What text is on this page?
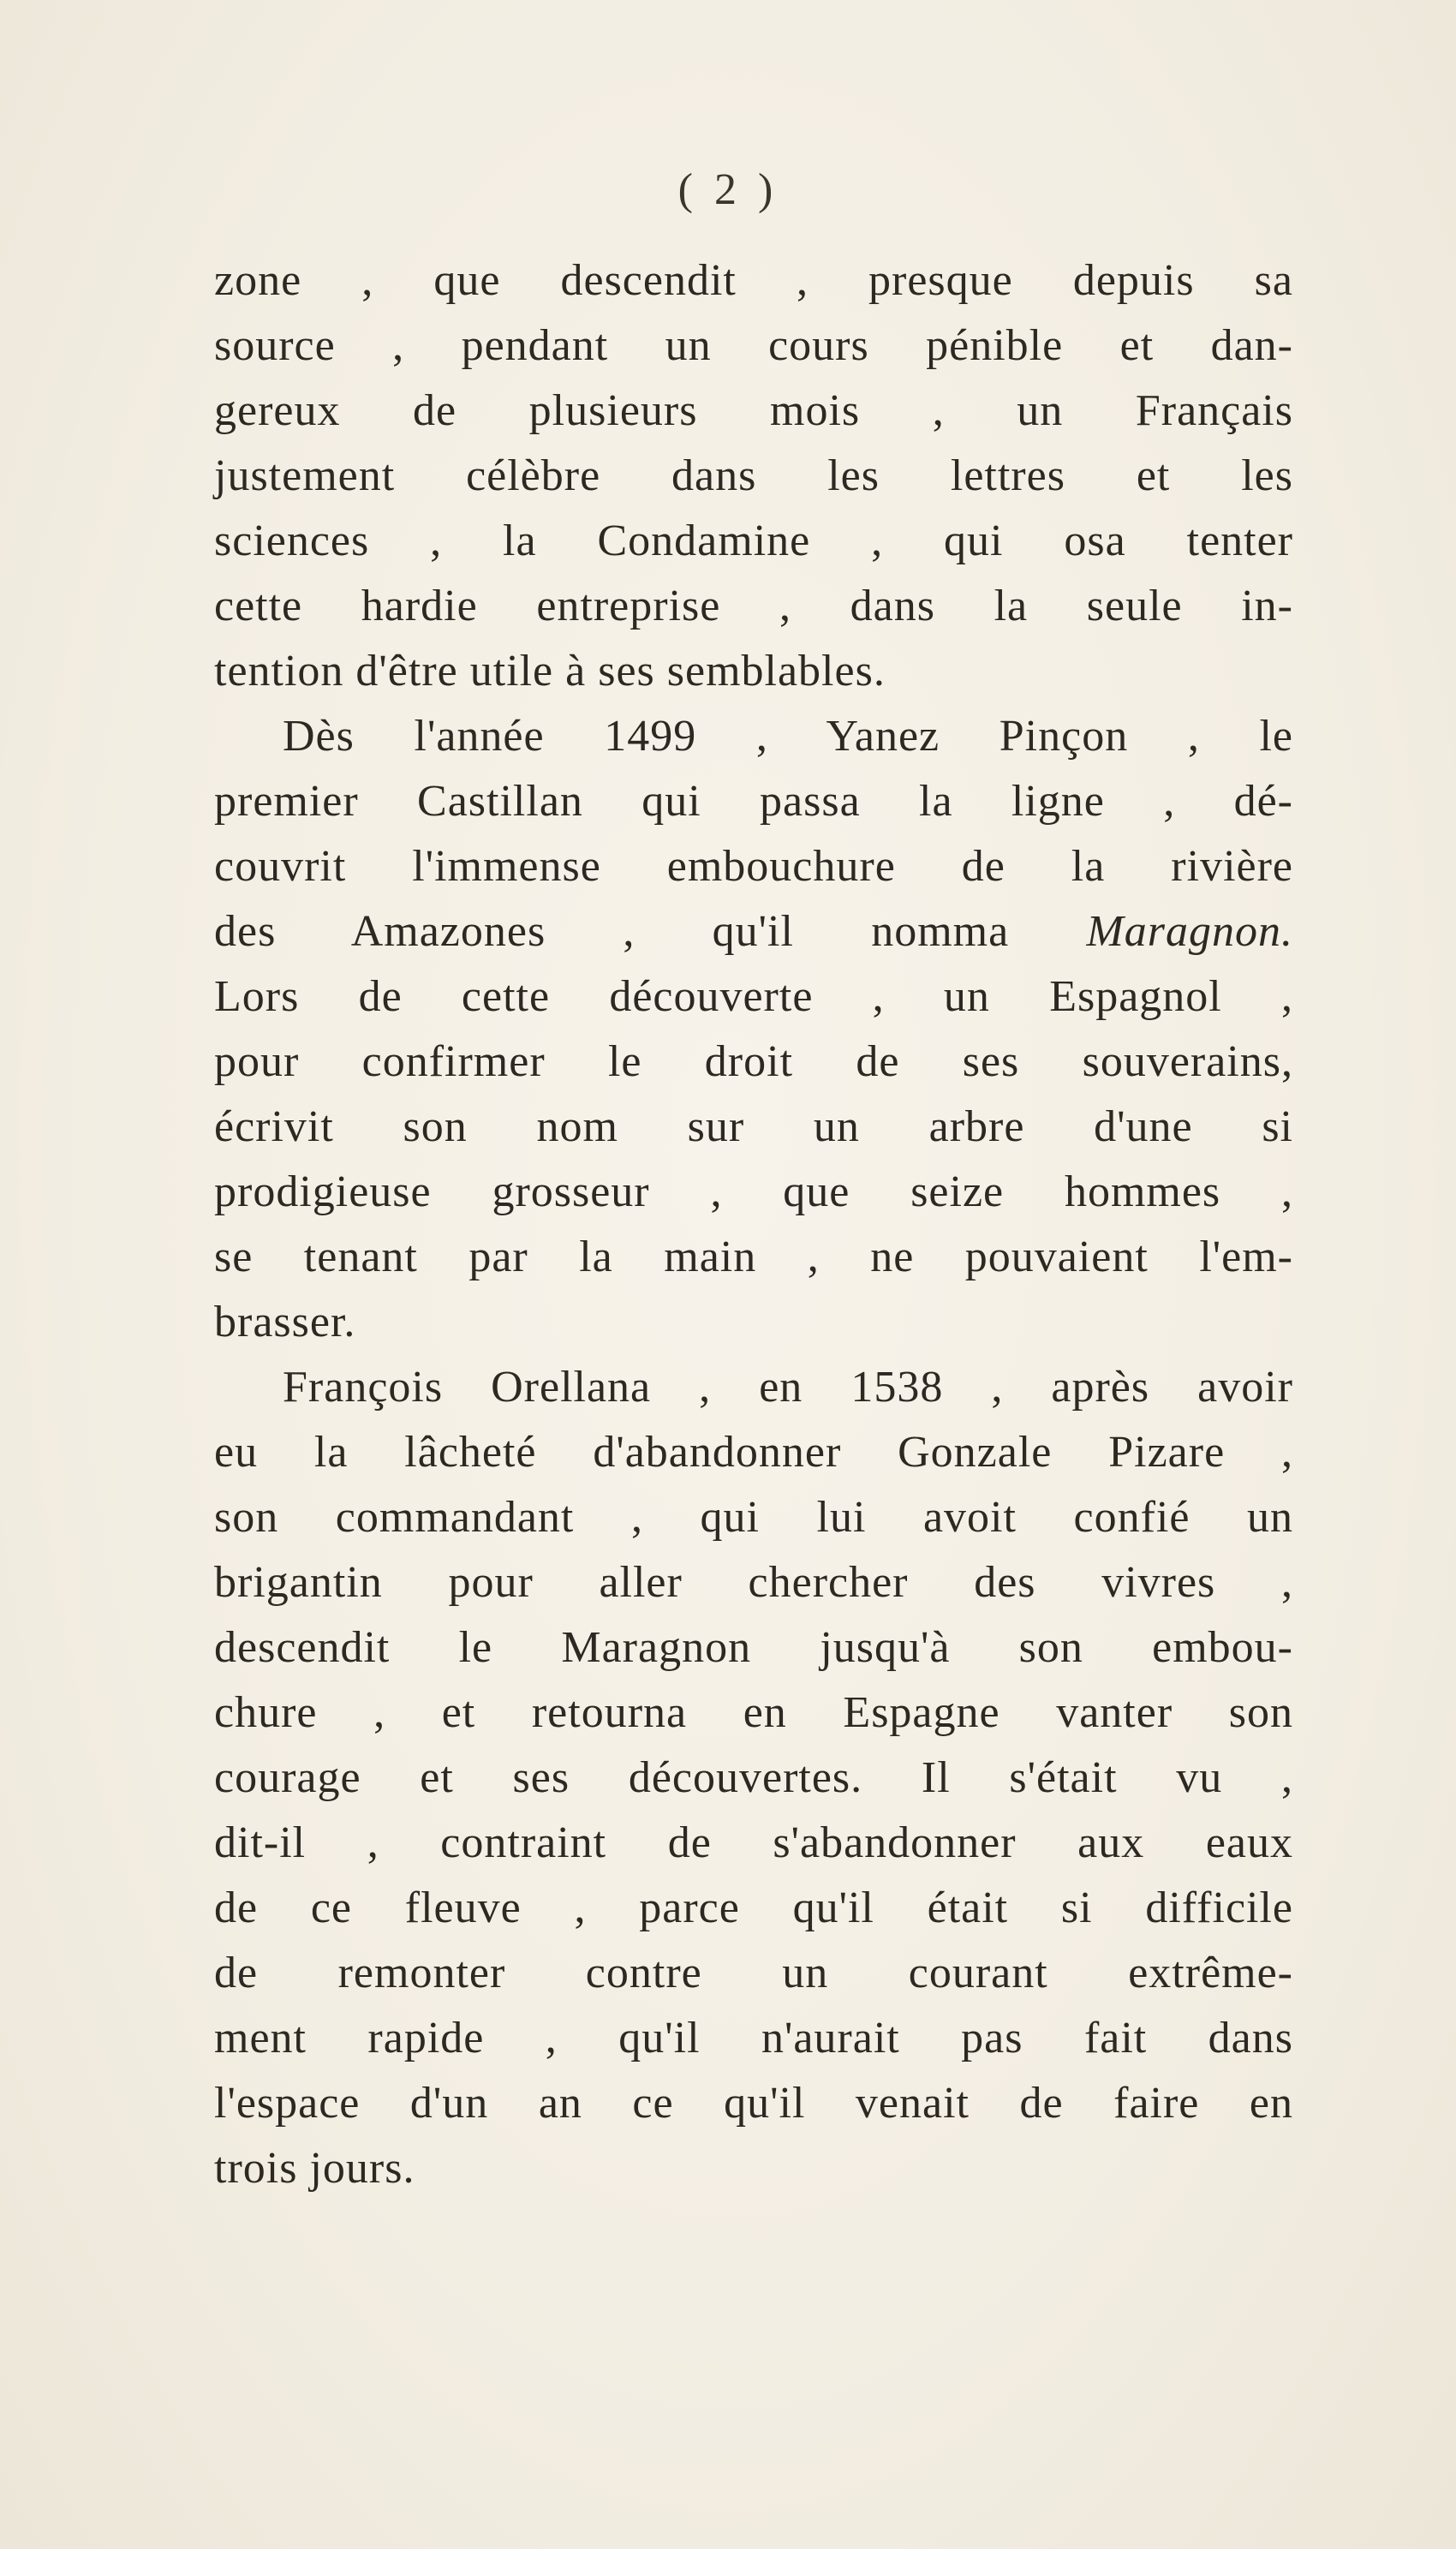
( 2 )
zone , que descendit , presque depuis sa
source , pendant un cours pénible et dan-
gereux de plusieurs mois , un Français
justement célèbre dans les lettres et les
sciences , la Condamine , qui osa tenter
cette hardie entreprise , dans la seule in-
tention d'être utile à ses semblables.
Dès l'année 1499 , Yanez Pinçon , le
premier Castillan qui passa la ligne , dé-
couvrit l'immense embouchure de la rivière
des Amazones , qu'il nomma Maragnon.
Lors de cette découverte , un Espagnol ,
pour confirmer le droit de ses souverains,
écrivit son nom sur un arbre d'une si
prodigieuse grosseur , que seize hommes ,
se tenant par la main , ne pouvaient l'em-
brasser.
François Orellana , en 1538 , après avoir
eu la lâcheté d'abandonner Gonzale Pizare ,
son commandant , qui lui avoit confié un
brigantin pour aller chercher des vivres ,
descendit le Maragnon jusqu'à son embou-
chure , et retourna en Espagne vanter son
courage et ses découvertes. Il s'était vu ,
dit-il , contraint de s'abandonner aux eaux
de ce fleuve , parce qu'il était si difficile
de remonter contre un courant extrême-
ment rapide , qu'il n'aurait pas fait dans
l'espace d'un an ce qu'il venait de faire en
trois jours.
